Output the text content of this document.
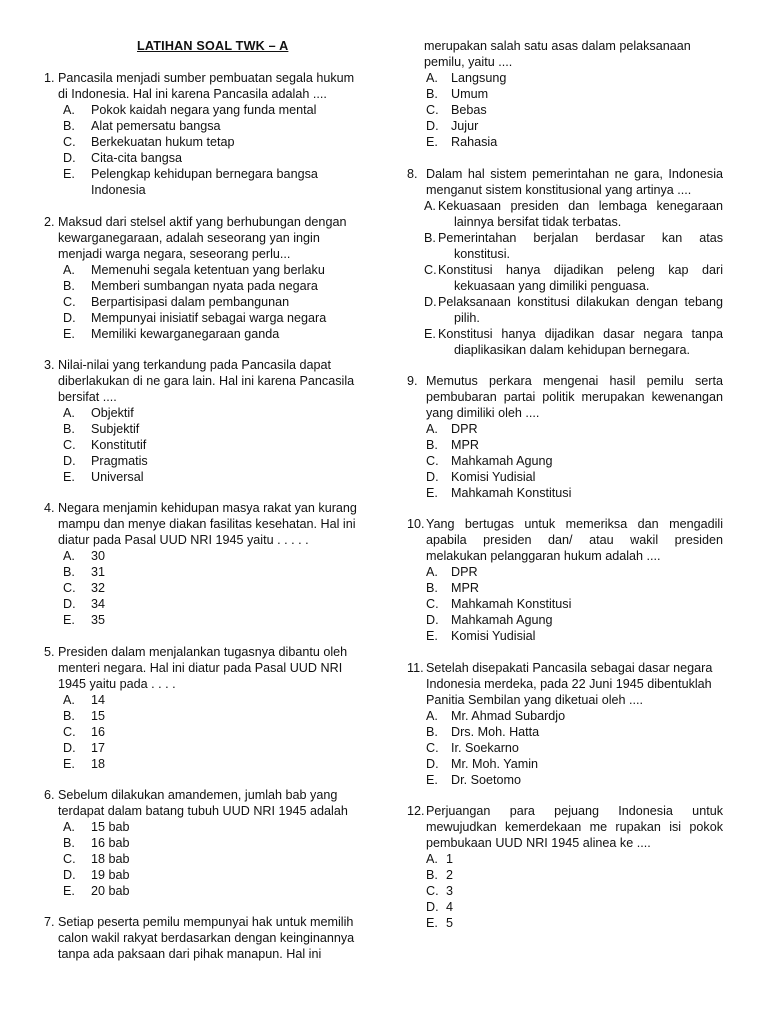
LATIHAN SOAL TWK – A
1. Pancasila menjadi sumber pembuatan segala hukum
di Indonesia. Hal ini karena Pancasila adalah ....
A.	Pokok kaidah negara yang funda mental
B.	Alat pemersatu bangsa
C.	Berkekuatan hukum tetap
D.	Cita-cita bangsa
E.	Pelengkap kehidupan bernegara bangsa
Indonesia
2. Maksud dari stelsel aktif yang berhubungan dengan
kewarganegaraan, adalah seseorang yan ingin
menjadi warga negara, seseorang perlu...
A.	Memenuhi segala ketentuan yang berlaku
B.	Memberi sumbangan nyata pada negara
C.	Berpartisipasi dalam pembangunan
D.	Mempunyai inisiatif sebagai warga negara
E.	Memiliki kewarganegaraan ganda
3. Nilai-nilai yang terkandung pada Pancasila dapat
diberlakukan di ne gara lain. Hal ini karena Pancasila
bersifat ....
A.	Objektif
B.	Subjektif
C.	Konstitutif
D.	Pragmatis
E.	Universal
4. Negara menjamin kehidupan masya rakat yan kurang
mampu dan menye diakan fasilitas kesehatan. Hal ini
diatur pada Pasal UUD NRI 1945 yaitu . . . . .
A.	30
B.	31
C.	32
D.	34
E.	35
5. Presiden dalam menjalankan tugasnya dibantu oleh
menteri negara. Hal ini diatur pada Pasal UUD NRI
1945 yaitu pada . . . .
A.	14
B.	15
C.	16
D.	17
E.	18
6. Sebelum dilakukan amandemen, jumlah bab yang
terdapat dalam batang tubuh UUD NRI 1945 adalah
A.	15 bab
B.	16 bab
C.	18 bab
D.	19 bab
E.	20 bab
7. Setiap peserta pemilu mempunyai hak untuk memilih
calon wakil rakyat berdasarkan dengan keinginannya
tanpa ada paksaan dari pihak manapun. Hal ini
merupakan salah satu asas dalam pelaksanaan
pemilu, yaitu ....
A.	Langsung
B.	Umum
C. Bebas
D. Jujur
E.	Rahasia
8. Dalam hal sistem pemerintahan ne gara, Indonesia
menganut sistem konstitusional yang artinya ....
A. Kekuasaan presiden dan lembaga kenegaraan
lainnya bersifat tidak terbatas.
B. Pemerintahan berjalan berdasar kan atas
konstitusi.
C. Konstitusi hanya dijadikan peleng kap dari
kekuasaan yang dimiliki penguasa.
D. Pelaksanaan konstitusi dilakukan dengan tebang
pilih.
E. Konstitusi hanya dijadikan dasar negara tanpa
diaplikasikan dalam kehidupan bernegara.
9. Memutus perkara mengenai hasil pemilu serta
pembubaran partai politik merupakan kewenangan
yang dimiliki oleh ....
A.	DPR
B.	MPR
C. Mahkamah Agung
D. Komisi Yudisial
E.	Mahkamah Konstitusi
10. Yang bertugas untuk memeriksa dan mengadili
apabila presiden dan/ atau wakil presiden
melakukan pelanggaran hukum adalah ....
A.	DPR
B.	MPR
C. Mahkamah Konstitusi
D. Mahkamah Agung
E.	Komisi Yudisial
11. Setelah disepakati Pancasila sebagai dasar negara
Indonesia merdeka, pada 22 Juni 1945 dibentuklah
Panitia Sembilan yang diketuai oleh ....
A.	Mr. Ahmad Subardjo
B.	Drs. Moh. Hatta
C. Ir. Soekarno
D. Mr. Moh. Yamin
E.	Dr. Soetomo
12. Perjuangan para pejuang Indonesia untuk
mewujudkan kemerdekaan me rupakan isi pokok
pembukaan UUD NRI 1945 alinea ke ....
A. 1
B. 2
C. 3
D. 4
E. 5
